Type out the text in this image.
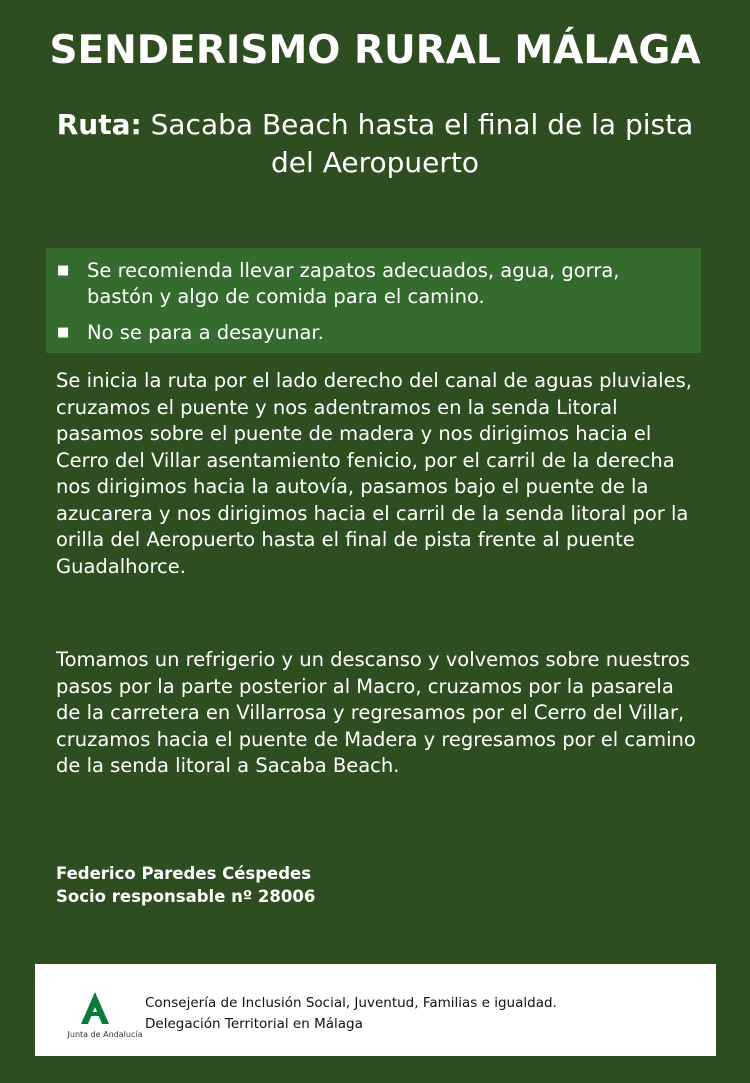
SENDERISMO RURAL MÁLAGA
Ruta: Sacaba Beach hasta el final de la pista del Aeropuerto
■ Se recomienda llevar zapatos adecuados, agua, gorra, bastón y algo de comida para el camino.
■ No se para a desayunar.

Se inicia la ruta por el lado derecho del canal de aguas pluviales, cruzamos el puente y nos adentramos en la senda Litoral pasamos sobre el puente de madera y nos dirigimos hacia el Cerro del Villar asentamiento fenicio, por el carril de la derecha nos dirigimos hacia la autovía, pasamos bajo el puente de la azucarera y nos dirigimos hacia el carril de la senda litoral por la orilla del Aeropuerto hasta el final de pista frente al puente Guadalhorce.

Tomamos un refrigerio y un descanso y volvemos sobre nuestros pasos por la parte posterior al Macro, cruzamos por la pasarela de la carretera en Villarrosa y regresamos por el Cerro del Villar, cruzamos hacia el puente de Madera y regresamos por el camino de la senda litoral a Sacaba Beach.

Federico Paredes Céspedes
Socio responsable nº 28006
Junta de Andalucía
Consejería de Inclusión Social, Juventud, Familias e igualdad.
Delegación Territorial en Málaga
